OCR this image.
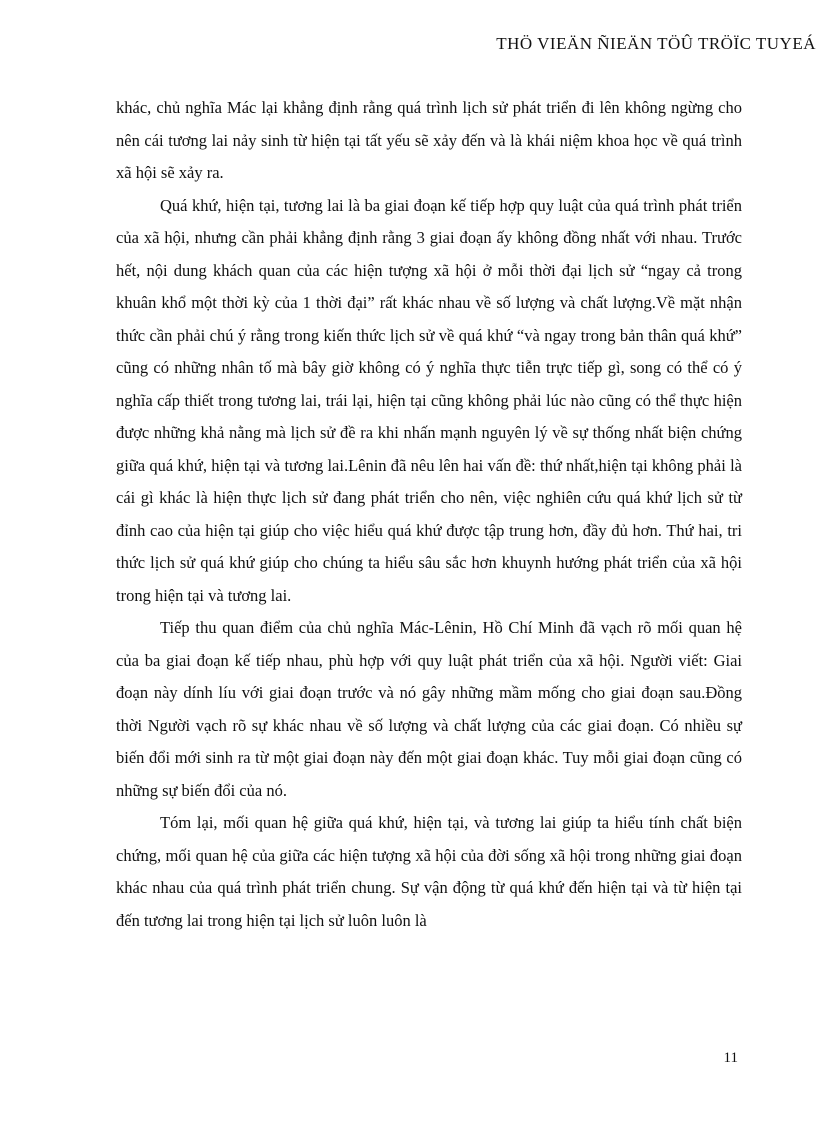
THÖ VIEÄN ÑIEÄN TÖÛ TRÖÏC TUYEÁ

khác, chủ nghĩa Mác lại khẳng định rằng quá trình lịch sử phát triển đi lên không ngừng cho nên cái tương lai nảy sinh từ hiện tại tất yếu sẽ xảy đến và là khái niệm khoa học về quá trình xã hội sẽ xảy ra.

Quá khứ, hiện tại, tương lai là ba giai đoạn kế tiếp hợp quy luật của quá trình phát triển của xã hội, nhưng cần phải khẳng định rằng 3 giai đoạn ấy không đồng nhất với nhau. Trước hết, nội dung khách quan của các hiện tượng xã hội ở mỗi thời đại lịch sử “ngay cả trong khuân khổ một thời kỳ của 1 thời đại” rất khác nhau về số lượng và chất lượng.Về mặt nhận thức cần phải chú ý rằng trong kiến thức lịch sử về quá khứ “và ngay trong bản thân quá khứ” cũng có những nhân tố mà bây giờ không có ý nghĩa thực tiễn trực tiếp gì, song có thể có ý nghĩa cấp thiết trong tương lai, trái lại, hiện tại cũng không phải lúc nào cũng có thể thực hiện được những khả nằng mà lịch sử đề ra khi nhấn mạnh nguyên lý về sự thống nhất biện chứng giữa quá khứ, hiện tại và tương lai.Lênin đã nêu lên hai vấn đề: thứ nhất,hiện tại không phải là cái gì khác là hiện thực lịch sử đang phát triển cho nên, việc nghiên cứu quá khứ lịch sử từ đỉnh cao của hiện tại giúp cho việc hiểu quá khứ được tập trung hơn, đầy đủ hơn. Thứ hai, tri thức lịch sử quá khứ giúp cho chúng ta hiểu sâu sắc hơn khuynh hướng phát triển của xã hội trong hiện tại và tương lai.

Tiếp thu quan điểm của chủ nghĩa Mác-Lênin, Hồ Chí Minh đã vạch rõ mối quan hệ của ba giai đoạn kế tiếp nhau, phù hợp với quy luật phát triển của xã hội. Người viết: Giai đoạn này dính líu với giai đoạn trước và nó gây những mầm mống cho giai đoạn sau.Đồng thời Người vạch rõ sự khác nhau về số lượng và chất lượng của các giai đoạn. Có nhiều sự biến đổi mới sinh ra từ một giai đoạn này đến một giai đoạn khác. Tuy mỗi giai đoạn cũng có những sự biến đổi của nó.

Tóm lại, mối quan hệ giữa quá khứ, hiện tại, và tương lai giúp ta hiểu tính chất biện chứng, mối quan hệ của giữa các hiện tượng xã hội của đời sống xã hội trong những giai đoạn khác nhau của quá trình phát triển chung. Sự vận động từ quá khứ đến hiện tại và từ hiện tại đến tương lai trong hiện tại lịch sử luôn luôn là

11
